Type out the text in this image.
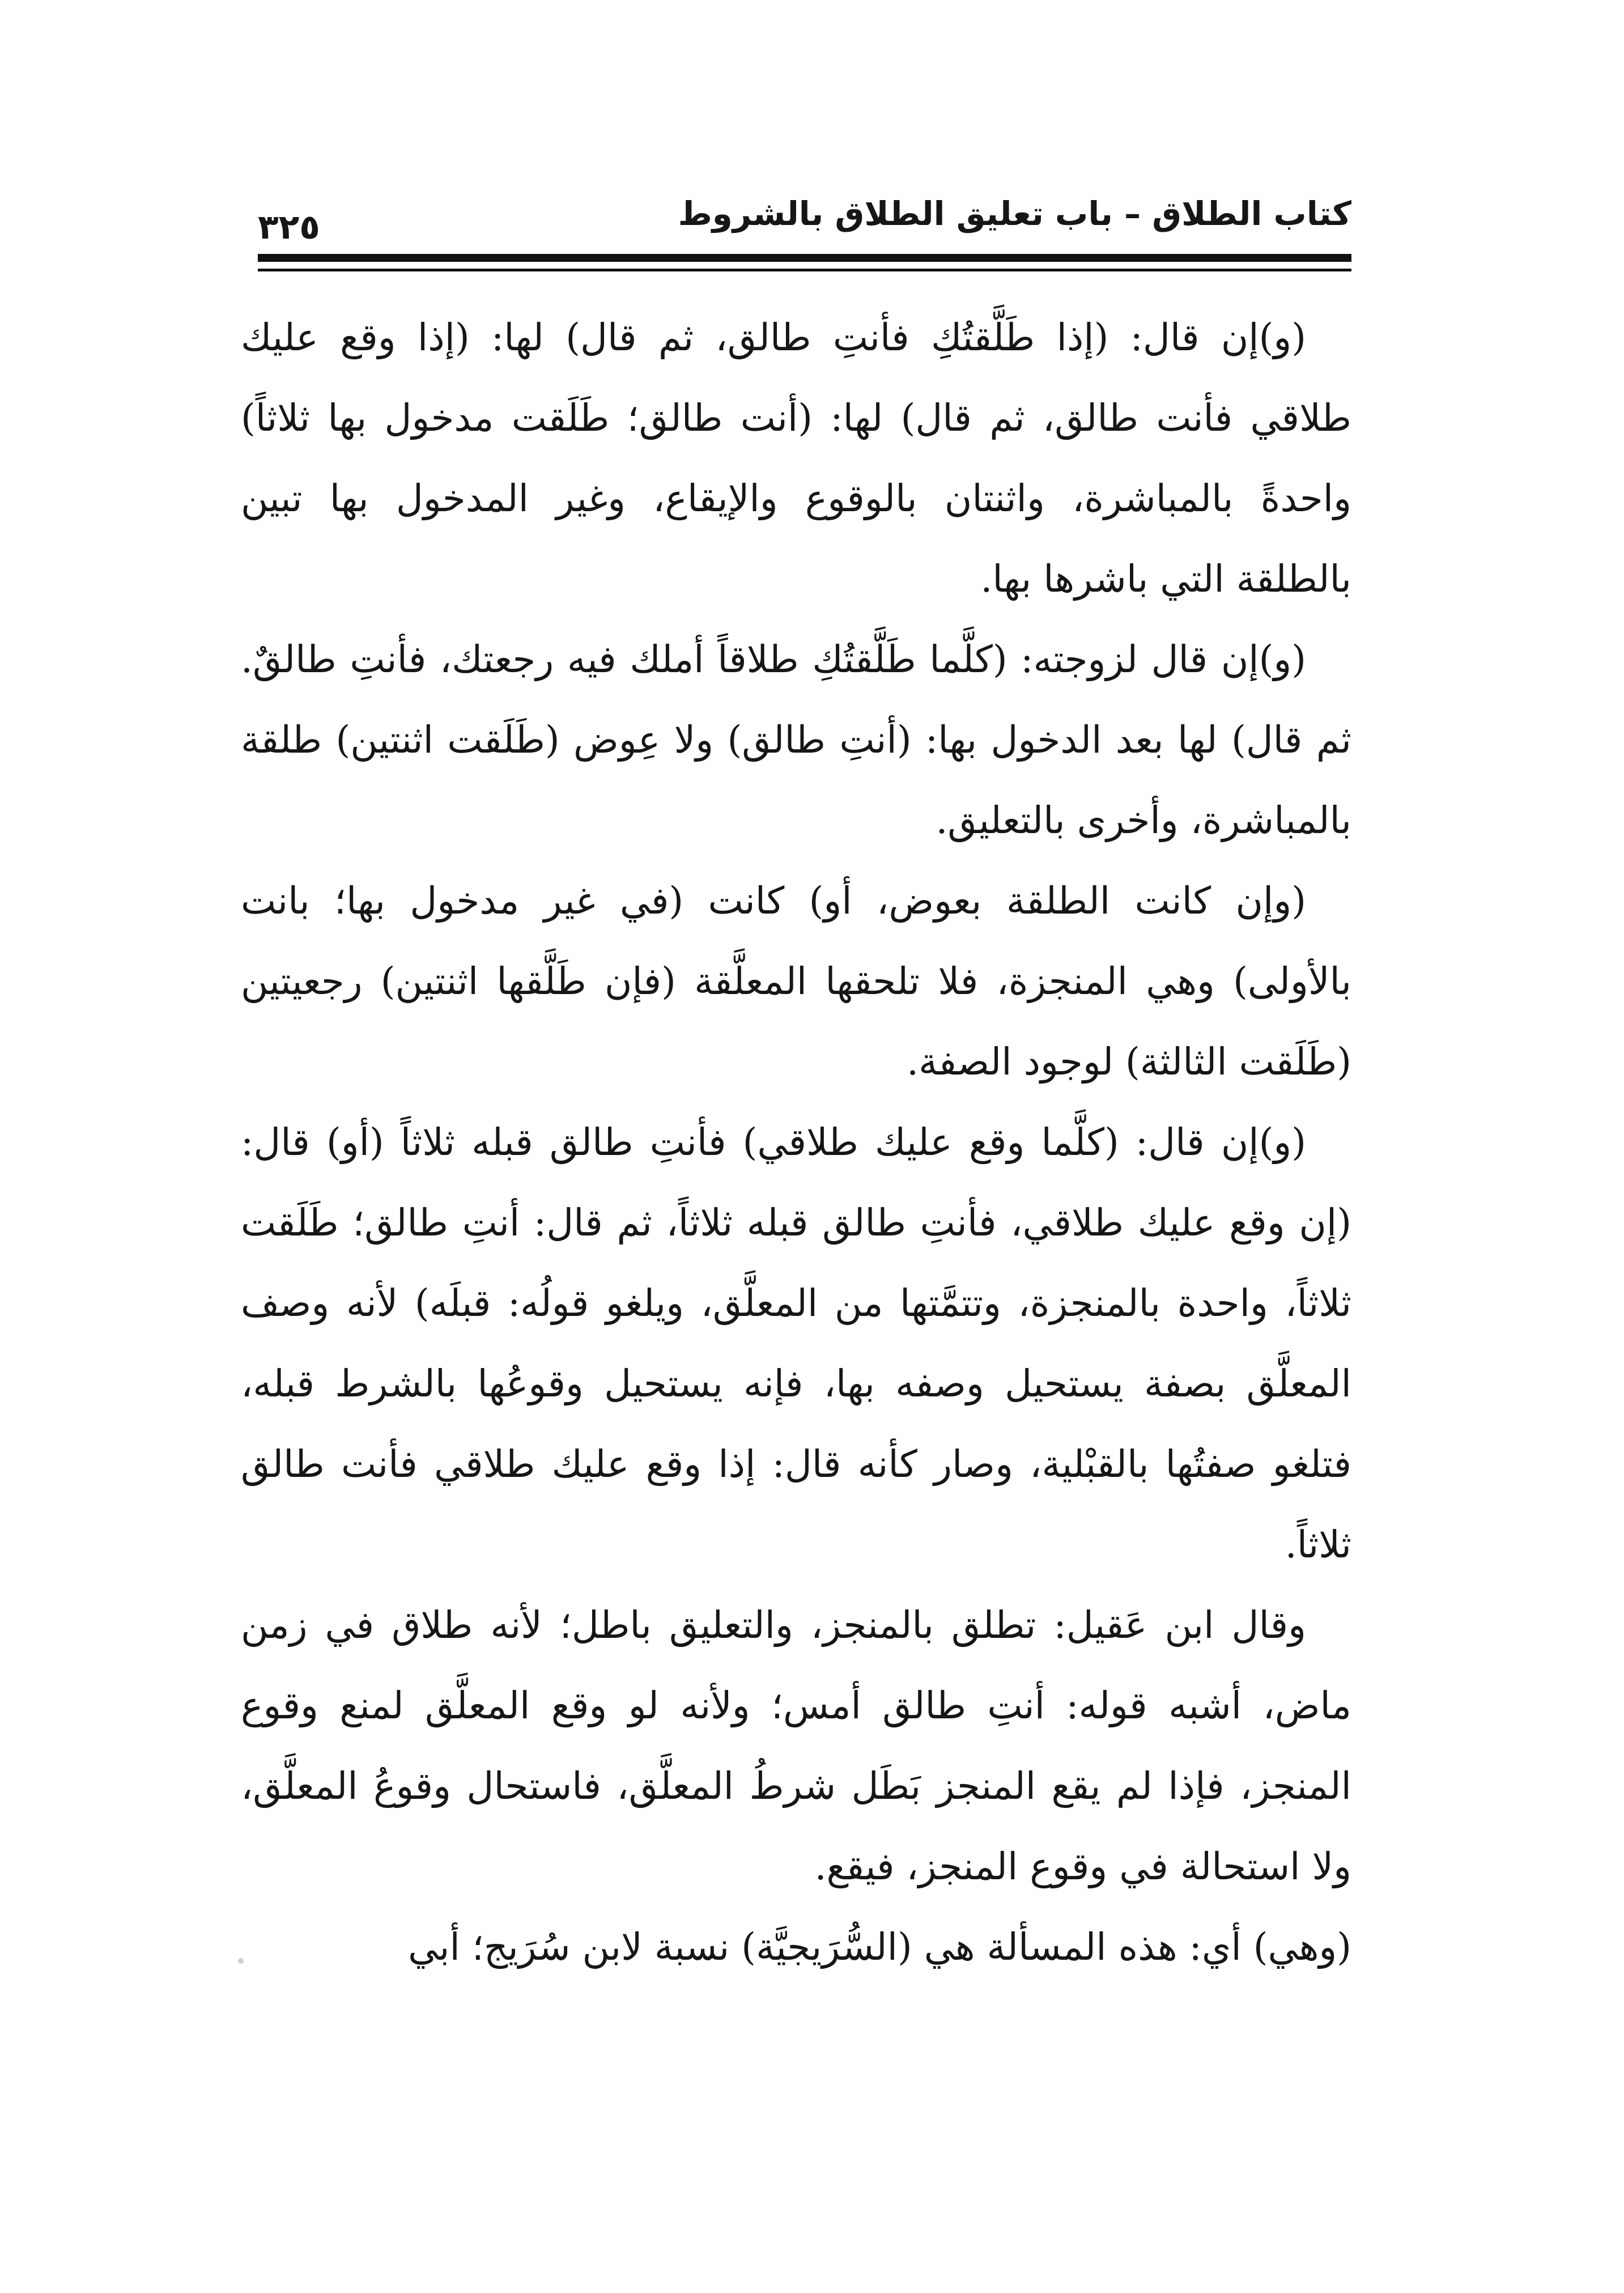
كتاب الطلاق – باب تعليق الطلاق بالشروط
٣٢٥

(و)إن قال: (إذا طَلَّقتُكِ فأنتِ طالق، ثم قال) لها: (إذا وقع عليك طلاقي فأنت طالق، ثم قال) لها: (أنت طالق؛ طَلَقت مدخول بها ثلاثاً) واحدةً بالمباشرة، واثنتان بالوقوع والإيقاع، وغير المدخول بها تبين بالطلقة التي باشرها بها.

(و)إن قال لزوجته: (كلَّما طَلَّقتُكِ طلاقاً أملك فيه رجعتك، فأنتِ طالقٌ. ثم قال) لها بعد الدخول بها: (أنتِ طالق) ولا عِوض (طَلَقت اثنتين) طلقة بالمباشرة، وأخرى بالتعليق.

(وإن كانت الطلقة بعوض، أو) كانت (في غير مدخول بها؛ بانت بالأولى) وهي المنجزة، فلا تلحقها المعلَّقة (فإن طَلَّقها اثنتين) رجعيتين (طَلَقت الثالثة) لوجود الصفة.

(و)إن قال: (كلَّما وقع عليك طلاقي) فأنتِ طالق قبله ثلاثاً (أو) قال: (إن وقع عليك طلاقي، فأنتِ طالق قبله ثلاثاً، ثم قال: أنتِ طالق؛ طَلَقت ثلاثاً، واحدة بالمنجزة، وتتمَّتها من المعلَّق، ويلغو قولُه: قبلَه) لأنه وصف المعلَّق بصفة يستحيل وصفه بها، فإنه يستحيل وقوعُها بالشرط قبله، فتلغو صفتُها بالقبْلية، وصار كأنه قال: إذا وقع عليك طلاقي فأنت طالق ثلاثاً.

وقال ابن عَقيل: تطلق بالمنجز، والتعليق باطل؛ لأنه طلاق في زمن ماض، أشبه قوله: أنتِ طالق أمس؛ ولأنه لو وقع المعلَّق لمنع وقوع المنجز، فإذا لم يقع المنجز بَطَل شرطُ المعلَّق، فاستحال وقوعُ المعلَّق، ولا استحالة في وقوع المنجز، فيقع.

(وهي) أي: هذه المسألة هي (السُّرَيجيَّة) نسبة لابن سُرَيج؛ أبي
